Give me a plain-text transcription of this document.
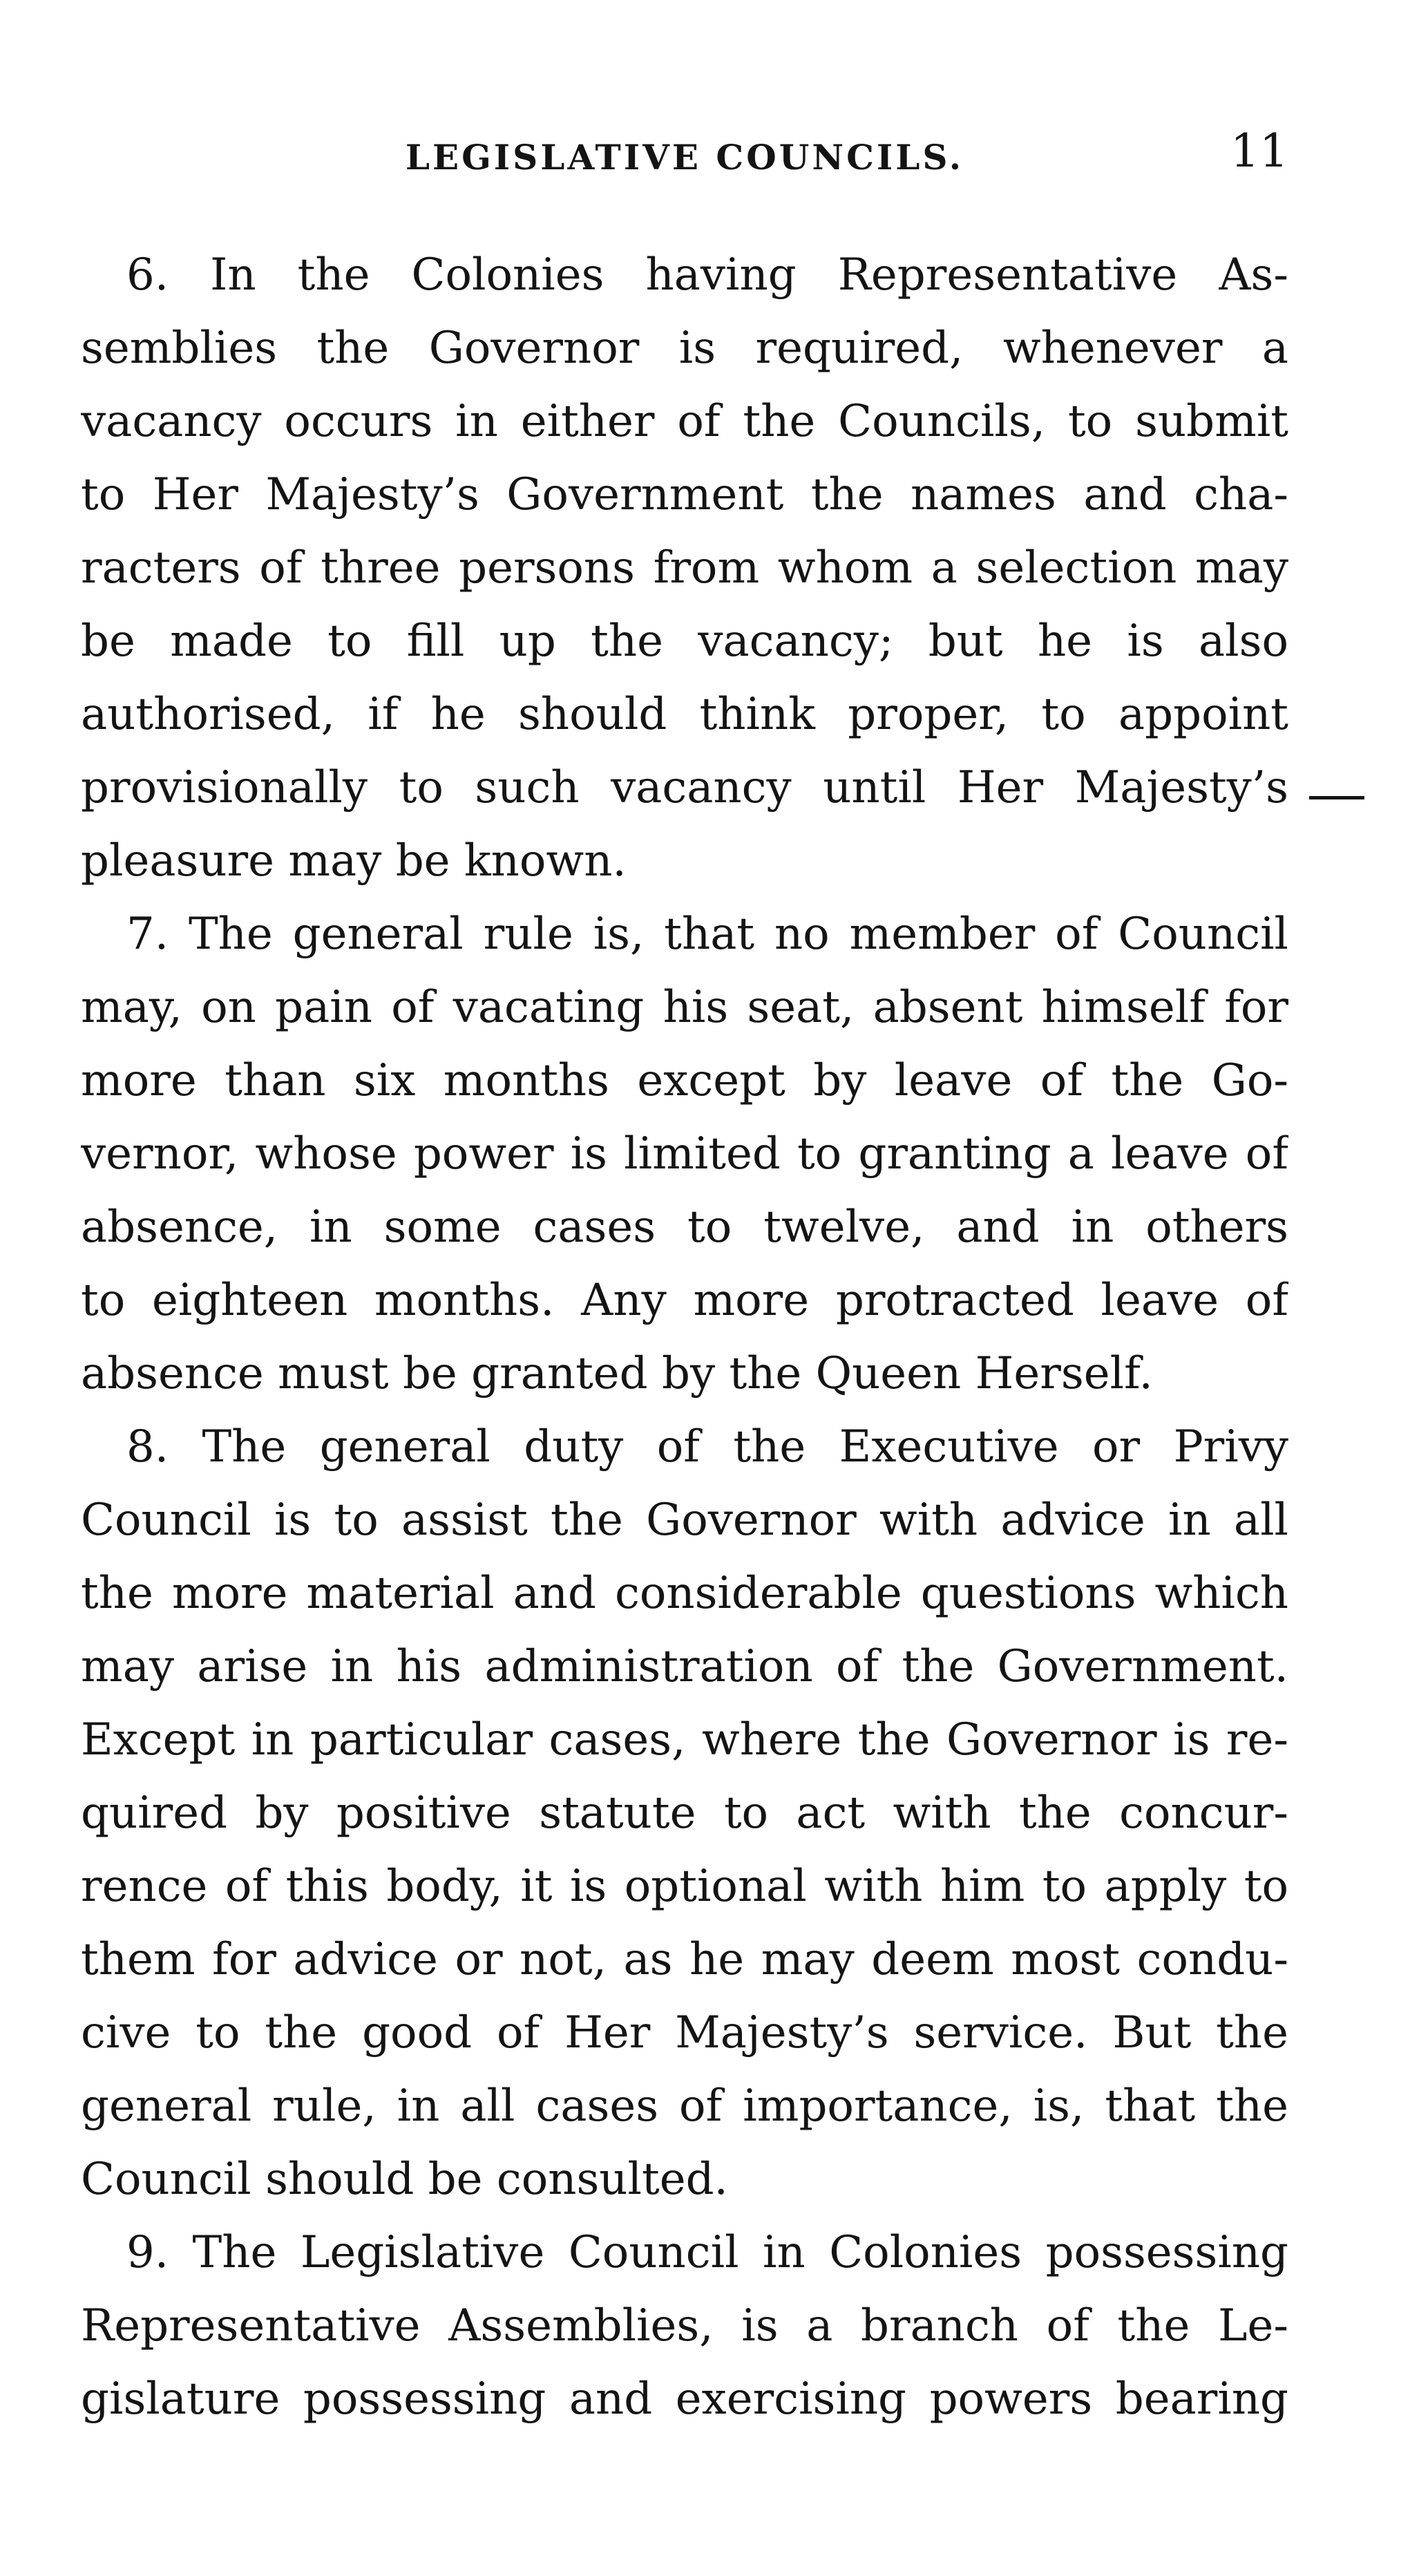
LEGISLATIVE COUNCILS.	11
6. In the Colonies having Representative As-
semblies the Governor is required, whenever a
vacancy occurs in either of the Councils, to submit
to Her Majesty’s Government the names and cha-
racters of three persons from whom a selection may
be made to fill up the vacancy; but he is also
authorised, if he should think proper, to appoint
provisionally to such vacancy until Her Majesty’s
pleasure may be known.
7. The general rule is, that no member of Council
may, on pain of vacating his seat, absent himself for
more than six months except by leave of the Go-
vernor, whose power is limited to granting a leave of
absence, in some cases to twelve, and in others
to eighteen months. Any more protracted leave of
absence must be granted by the Queen Herself.
8. The general duty of the Executive or Privy
Council is to assist the Governor with advice in all
the more material and considerable questions which
may arise in his administration of the Government.
Except in particular cases, where the Governor is re-
quired by positive statute to act with the concur-
rence of this body, it is optional with him to apply to
them for advice or not, as he may deem most condu-
cive to the good of Her Majesty’s service. But the
general rule, in all cases of importance, is, that the
Council should be consulted.
9. The Legislative Council in Colonies possessing
Representative Assemblies, is a branch of the Le-
gislature possessing and exercising powers bearing
